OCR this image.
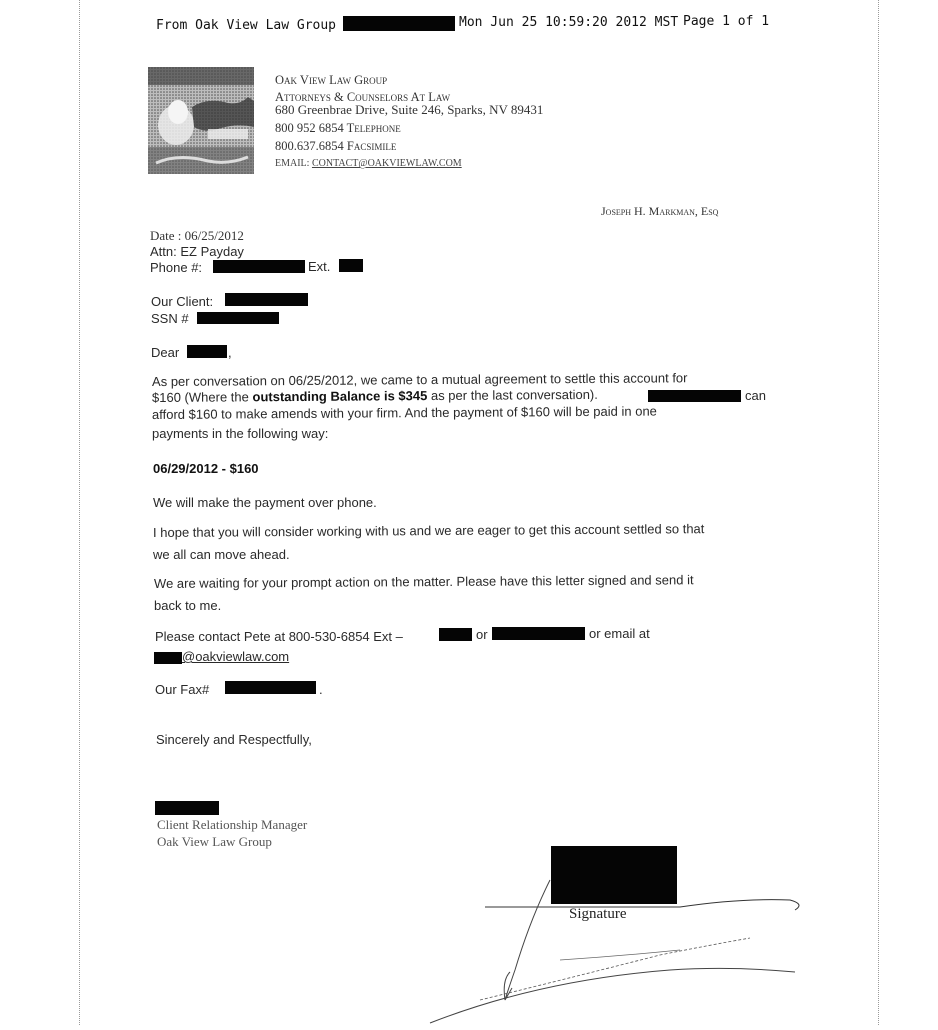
From Oak View Law Group	Mon Jun 25 10:59:20 2012 MST Page 1 of 1
Oak View Law Group
Attorneys & Counselors At Law
680 Greenbrae Drive, Suite 246, Sparks, NV 89431
800 952 6854 Telephone
800.637.6854 Facsimile
EMAIL: CONTACT@OAKVIEWLAW.COM
Joseph H. Markman, Esq
Date : 06/25/2012
Attn: EZ Payday
Phone #:	Ext.
Our Client:
SSN #
Dear	,
As per conversation on 06/25/2012, we came to a mutual agreement to settle this account for
$160 (Where the outstanding Balance is $345 as per the last conversation).	can
afford $160 to make amends with your firm. And the payment of $160 will be paid in one
payments in the following way:
06/29/2012 - $160
We will make the payment over phone.
I hope that you will consider working with us and we are eager to get this account settled so that
we all can move ahead.
We are waiting for your prompt action on the matter. Please have this letter signed and send it
back to me.
Please contact Pete at 800-530-6854 Ext –	or	or email at
@oakviewlaw.com
Our Fax#	.
Sincerely and Respectfully,
Client Relationship Manager
Oak View Law Group
Signature
